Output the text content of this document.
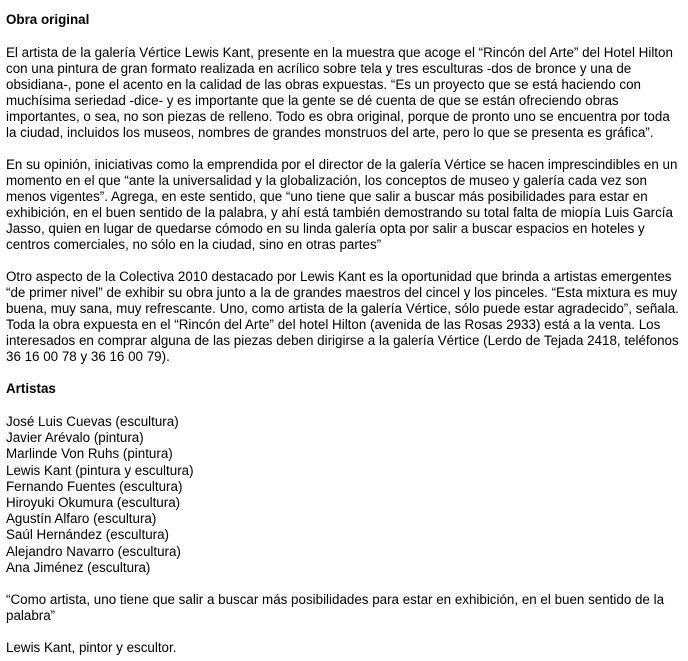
Obra original

El artista de la galería Vértice Lewis Kant, presente en la muestra que acoge el “Rincón del Arte” del Hotel Hilton con una pintura de gran formato realizada en acrílico sobre tela y tres esculturas -dos de bronce y una de obsidiana-, pone el acento en la calidad de las obras expuestas. “Es un proyecto que se está haciendo con muchísima seriedad -dice- y es importante que la gente se dé cuenta de que se están ofreciendo obras importantes, o sea, no son piezas de relleno. Todo es obra original, porque de pronto uno se encuentra por toda la ciudad, incluidos los museos, nombres de grandes monstruos del arte, pero lo que se presenta es gráfica”.

En su opinión, iniciativas como la emprendida por el director de la galería Vértice se hacen imprescindibles en un momento en el que “ante la universalidad y la globalización, los conceptos de museo y galería cada vez son menos vigentes”. Agrega, en este sentido, que “uno tiene que salir a buscar más posibilidades para estar en exhibición, en el buen sentido de la palabra, y ahí está también demostrando su total falta de miopía Luis García Jasso, quien en lugar de quedarse cómodo en su linda galería opta por salir a buscar espacios en hoteles y centros comerciales, no sólo en la ciudad, sino en otras partes”

Otro aspecto de la Colectiva 2010 destacado por Lewis Kant es la oportunidad que brinda a artistas emergentes “de primer nivel” de exhibir su obra junto a la de grandes maestros del cincel y los pinceles. “Esta mixtura es muy buena, muy sana, muy refrescante. Uno, como artista de la galería Vértice, sólo puede estar agradecido”, señala.
Toda la obra expuesta en el “Rincón del Arte” del hotel Hilton (avenida de las Rosas 2933) está a la venta. Los interesados en comprar alguna de las piezas deben dirigirse a la galería Vértice (Lerdo de Tejada 2418, teléfonos 36 16 00 78 y 36 16 00 79).
Artistas
José Luis Cuevas (escultura)
Javier Arévalo (pintura)
Marlinde Von Ruhs (pintura)
Lewis Kant (pintura y escultura)
Fernando Fuentes (escultura)
Hiroyuki Okumura (escultura)
Agustín Alfaro (escultura)
Saúl Hernández (escultura)
Alejandro Navarro (escultura)
Ana Jiménez (escultura)

“Como artista, uno tiene que salir a buscar más posibilidades para estar en exhibición, en el buen sentido de la palabra”

Lewis Kant, pintor y escultor.
